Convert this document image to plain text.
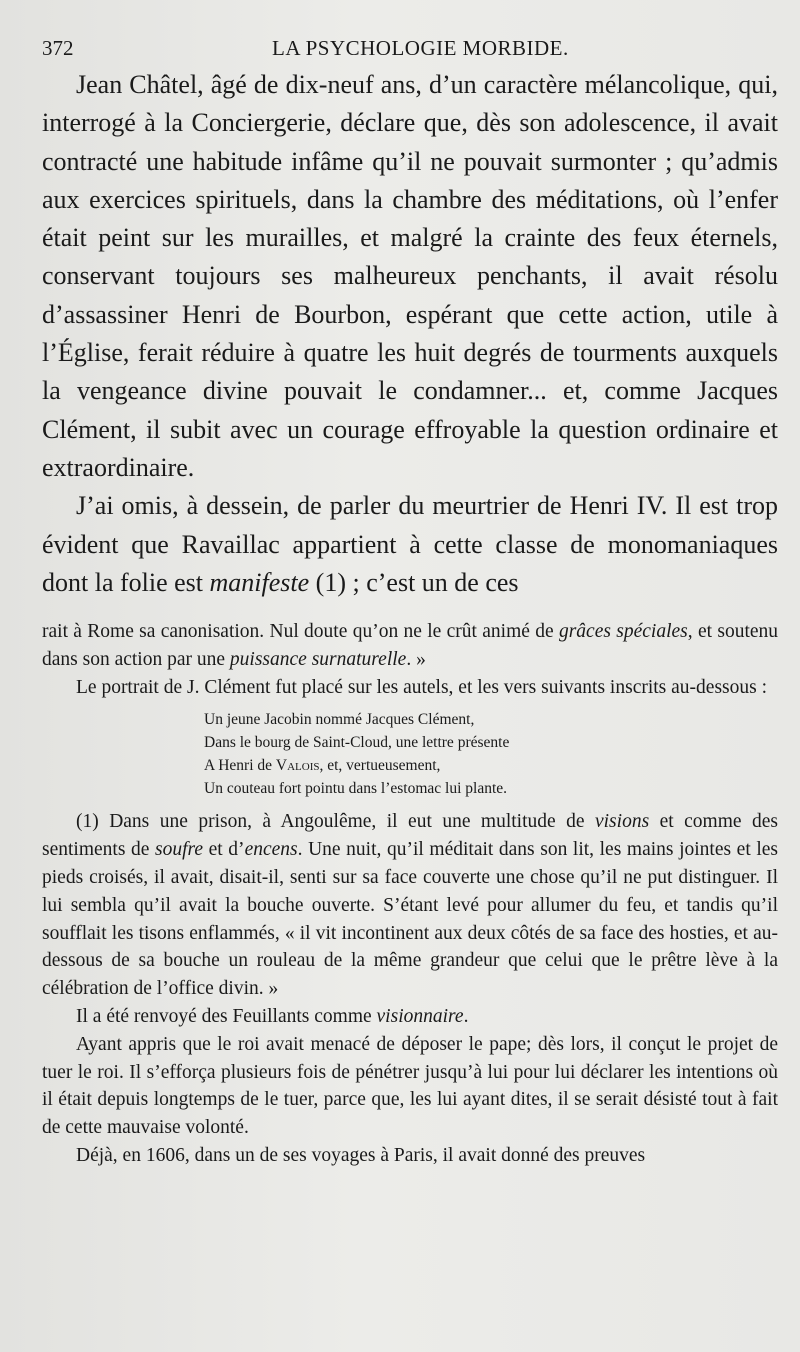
372	LA PSYCHOLOGIE MORBIDE.

Jean Châtel, âgé de dix-neuf ans, d’un caractère mélancolique, qui, interrogé à la Conciergerie, déclare que, dès son adolescence, il avait contracté une habitude infâme qu’il ne pouvait surmonter ; qu’admis aux exercices spirituels, dans la chambre des méditations, où l’enfer était peint sur les murailles, et malgré la crainte des feux éternels, conservant toujours ses malheureux penchants, il avait résolu d’assassiner Henri de Bourbon, espérant que cette action, utile à l’Église, ferait réduire à quatre les huit degrés de tourments auxquels la vengeance divine pouvait le condamner... et, comme Jacques Clément, il subit avec un courage effroyable la question ordinaire et extraordinaire.

J’ai omis, à dessein, de parler du meurtrier de Henri IV. Il est trop évident que Ravaillac appartient à cette classe de monomaniaques dont la folie est manifeste (1) ; c’est un de ces

rait à Rome sa canonisation. Nul doute qu’on ne le crût animé de grâces spéciales, et soutenu dans son action par une puissance surnaturelle. »

Le portrait de J. Clément fut placé sur les autels, et les vers suivants inscrits au-dessous :

Un jeune Jacobin nommé Jacques Clément,
Dans le bourg de Saint-Cloud, une lettre présente
A Henri de Valois, et, vertueusement,
Un couteau fort pointu dans l’estomac lui plante.

(1) Dans une prison, à Angoulême, il eut une multitude de visions et comme des sentiments de soufre et d’encens. Une nuit, qu’il méditait dans son lit, les mains jointes et les pieds croisés, il avait, disait-il, senti sur sa face couverte une chose qu’il ne put distinguer. Il lui sembla qu’il avait la bouche ouverte. S’étant levé pour allumer du feu, et tandis qu’il soufflait les tisons enflammés, « il vit incontinent aux deux côtés de sa face des hosties, et au-dessous de sa bouche un rouleau de la même grandeur que celui que le prêtre lève à la célébration de l’office divin. »

Il a été renvoyé des Feuillants comme visionnaire.

Ayant appris que le roi avait menacé de déposer le pape; dès lors, il conçut le projet de tuer le roi. Il s’efforça plusieurs fois de pénétrer jusqu’à lui pour lui déclarer les intentions où il était depuis longtemps de le tuer, parce que, les lui ayant dites, il se serait désisté tout à fait de cette mauvaise volonté.

Déjà, en 1606, dans un de ses voyages à Paris, il avait donné des preuves
